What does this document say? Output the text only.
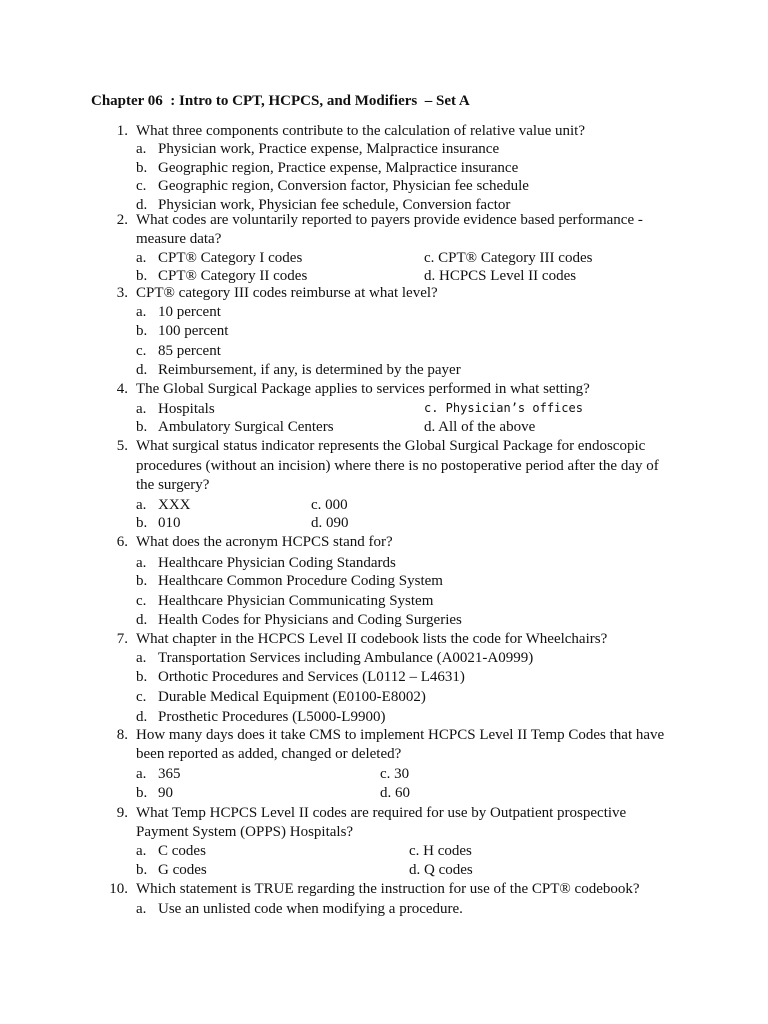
Chapter 06  : Intro to CPT, HCPCS, and Modifiers  – Set A
1. What three components contribute to the calculation of relative value unit?
a. Physician work, Practice expense, Malpractice insurance
b. Geographic region, Practice expense, Malpractice insurance
c. Geographic region, Conversion factor, Physician fee schedule
d. Physician work, Physician fee schedule, Conversion factor
2. What codes are voluntarily reported to payers provide evidence based performance -
measure data?
a. CPT® Category I codes	c. CPT® Category III codes
b. CPT® Category II codes	d. HCPCS Level II codes
3. CPT® category III codes reimburse at what level?
a. 10 percent
b. 100 percent
c. 85 percent
d. Reimbursement, if any, is determined by the payer
4. The Global Surgical Package applies to services performed in what setting?
a. Hospitals	c. Physician’s offices
b. Ambulatory Surgical Centers	d. All of the above
5. What surgical status indicator represents the Global Surgical Package for endoscopic
procedures (without an incision) where there is no postoperative period after the day of
the surgery?
a. XXX	c. 000
b. 010	d. 090
6. What does the acronym HCPCS stand for?
a. Healthcare Physician Coding Standards
b. Healthcare Common Procedure Coding System
c. Healthcare Physician Communicating System
d. Health Codes for Physicians and Coding Surgeries
7. What chapter in the HCPCS Level II codebook lists the code for Wheelchairs?
a. Transportation Services including Ambulance (A0021-A0999)
b. Orthotic Procedures and Services (L0112 – L4631)
c. Durable Medical Equipment (E0100-E8002)
d. Prosthetic Procedures (L5000-L9900)
8. How many days does it take CMS to implement HCPCS Level II Temp Codes that have
been reported as added, changed or deleted?
a. 365	c. 30
b. 90	d. 60
9. What Temp HCPCS Level II codes are required for use by Outpatient prospective
Payment System (OPPS) Hospitals?
a. C codes	c. H codes
b. G codes	d. Q codes
10. Which statement is TRUE regarding the instruction for use of the CPT® codebook?
a. Use an unlisted code when modifying a procedure.
